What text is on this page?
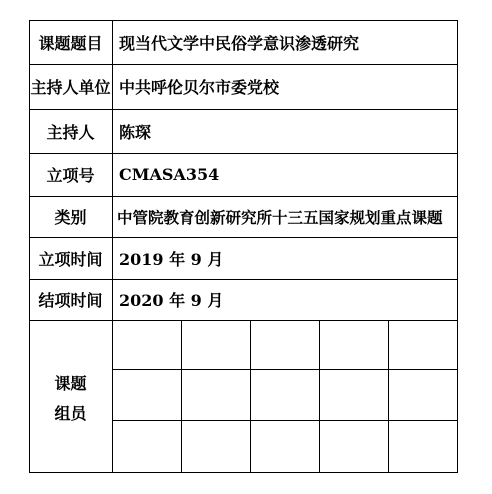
课题题目	现当代文学中民俗学意识渗透研究
主持人单位 中共呼伦贝尔市委党校
主持人	陈琛
立项号	CMASA354
类别	中管院教育创新研究所十三五国家规划重点课题
立项时间	2019 年 9 月
结项时间	2020 年 9 月
课题
组员
